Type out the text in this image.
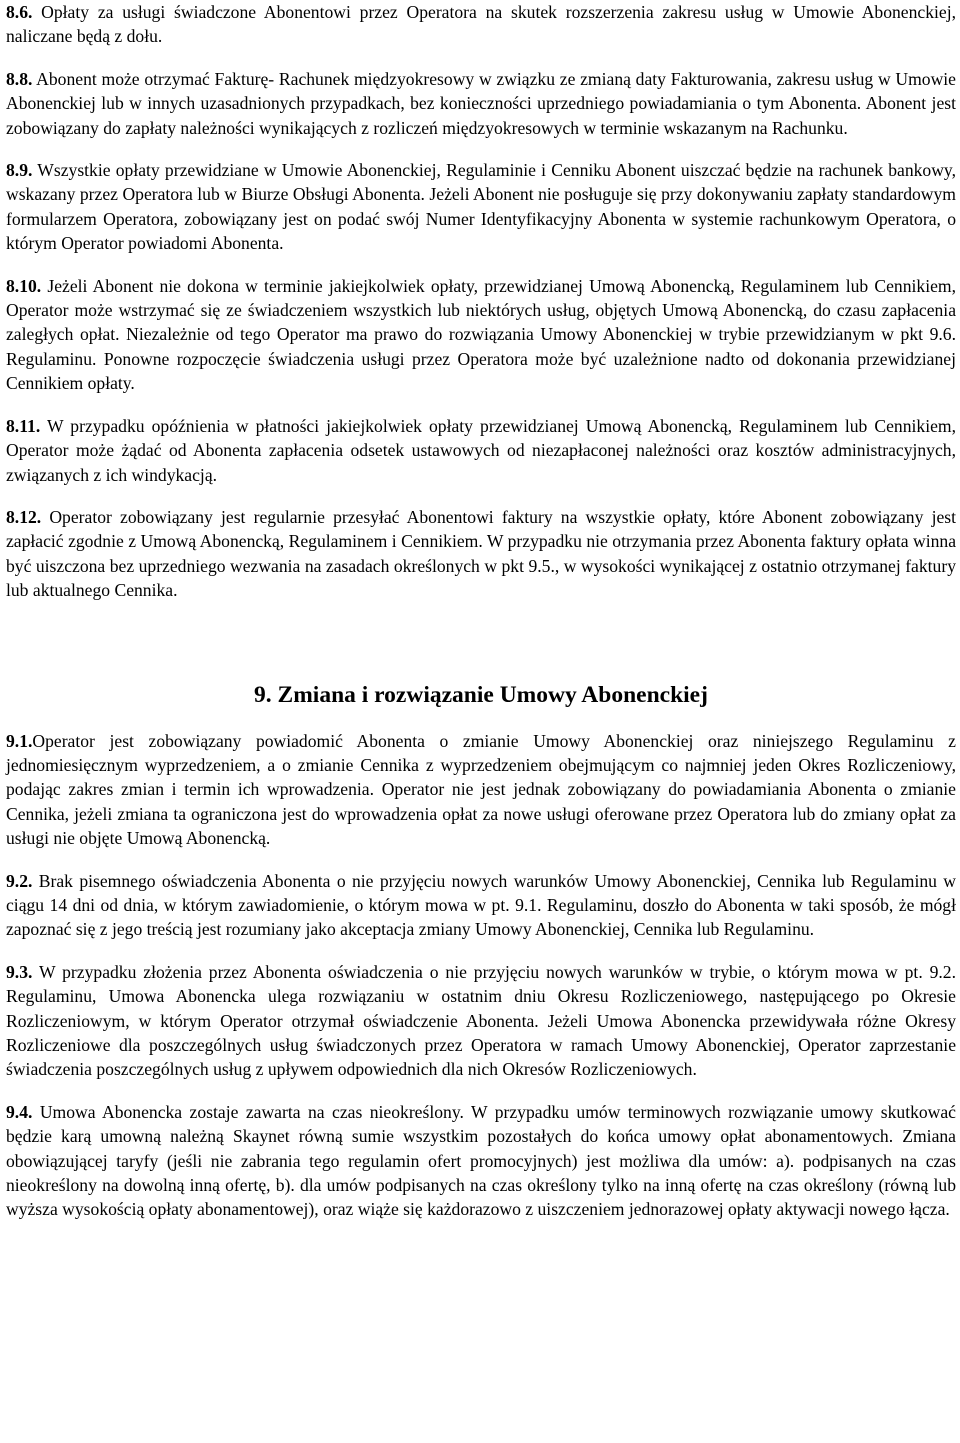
8.6. Opłaty za usługi świadczone Abonentowi przez Operatora na skutek rozszerzenia zakresu usług w Umowie Abonenckiej, naliczane będą z dołu.

8.8. Abonent może otrzymać Fakturę- Rachunek międzyokresowy w związku ze zmianą daty Fakturowania, zakresu usług w Umowie Abonenckiej lub w innych uzasadnionych przypadkach, bez konieczności uprzedniego powiadamiania o tym Abonenta. Abonent jest zobowiązany do zapłaty należności wynikających z rozliczeń międzyokresowych w terminie wskazanym na Rachunku.

8.9. Wszystkie opłaty przewidziane w Umowie Abonenckiej, Regulaminie i Cenniku Abonent uiszczać będzie na rachunek bankowy, wskazany przez Operatora lub w Biurze Obsługi Abonenta. Jeżeli Abonent nie posługuje się przy dokonywaniu zapłaty standardowym formularzem Operatora, zobowiązany jest on podać swój Numer Identyfikacyjny Abonenta w systemie rachunkowym Operatora, o którym Operator powiadomi Abonenta.

8.10. Jeżeli Abonent nie dokona w terminie jakiejkolwiek opłaty, przewidzianej Umową Abonencką, Regulaminem lub Cennikiem, Operator może wstrzymać się ze świadczeniem wszystkich lub niektórych usług, objętych Umową Abonencką, do czasu zapłacenia zaległych opłat. Niezależnie od tego Operator ma prawo do rozwiązania Umowy Abonenckiej w trybie przewidzianym w pkt 9.6. Regulaminu. Ponowne rozpoczęcie świadczenia usługi przez Operatora może być uzależnione nadto od dokonania przewidzianej Cennikiem opłaty.

8.11. W przypadku opóźnienia w płatności jakiejkolwiek opłaty przewidzianej Umową Abonencką, Regulaminem lub Cennikiem, Operator może żądać od Abonenta zapłacenia odsetek ustawowych od niezapłaconej należności oraz kosztów administracyjnych, związanych z ich windykacją.

8.12. Operator zobowiązany jest regularnie przesyłać Abonentowi faktury na wszystkie opłaty, które Abonent zobowiązany jest zapłacić zgodnie z Umową Abonencką, Regulaminem i Cennikiem. W przypadku nie otrzymania przez Abonenta faktury opłata winna być uiszczona bez uprzedniego wezwania na zasadach określonych w pkt 9.5., w wysokości wynikającej z ostatnio otrzymanej faktury lub aktualnego Cennika.

9. Zmiana i rozwiązanie Umowy Abonenckiej

9.1.Operator jest zobowiązany powiadomić Abonenta o zmianie Umowy Abonenckiej oraz niniejszego Regulaminu z jednomiesięcznym wyprzedzeniem, a o zmianie Cennika z wyprzedzeniem obejmującym co najmniej jeden Okres Rozliczeniowy, podając zakres zmian i termin ich wprowadzenia. Operator nie jest jednak zobowiązany do powiadamiania Abonenta o zmianie Cennika, jeżeli zmiana ta ograniczona jest do wprowadzenia opłat za nowe usługi oferowane przez Operatora lub do zmiany opłat za usługi nie objęte Umową Abonencką.

9.2. Brak pisemnego oświadczenia Abonenta o nie przyjęciu nowych warunków Umowy Abonenckiej, Cennika lub Regulaminu w ciągu 14 dni od dnia, w którym zawiadomienie, o którym mowa w pt. 9.1. Regulaminu, doszło do Abonenta w taki sposób, że mógł zapoznać się z jego treścią jest rozumiany jako akceptacja zmiany Umowy Abonenckiej, Cennika lub Regulaminu.

9.3. W przypadku złożenia przez Abonenta oświadczenia o nie przyjęciu nowych warunków w trybie, o którym mowa w pt. 9.2. Regulaminu, Umowa Abonencka ulega rozwiązaniu w ostatnim dniu Okresu Rozliczeniowego, następującego po Okresie Rozliczeniowym, w którym Operator otrzymał oświadczenie Abonenta. Jeżeli Umowa Abonencka przewidywała różne Okresy Rozliczeniowe dla poszczególnych usług świadczonych przez Operatora w ramach Umowy Abonenckiej, Operator zaprzestanie świadczenia poszczególnych usług z upływem odpowiednich dla nich Okresów Rozliczeniowych.

9.4. Umowa Abonencka zostaje zawarta na czas nieokreślony. W przypadku umów terminowych rozwiązanie umowy skutkować będzie karą umowną należną Skaynet równą sumie wszystkim pozostałych do końca umowy opłat abonamentowych. Zmiana obowiązującej taryfy (jeśli nie zabrania tego regulamin ofert promocyjnych) jest możliwa dla umów: a). podpisanych na czas nieokreślony na dowolną inną ofertę, b). dla umów podpisanych na czas określony tylko na inną ofertę na czas określony (równą lub wyższa wysokością opłaty abonamentowej), oraz wiąże się każdorazowo z uiszczeniem jednorazowej opłaty aktywacji nowego łącza.
